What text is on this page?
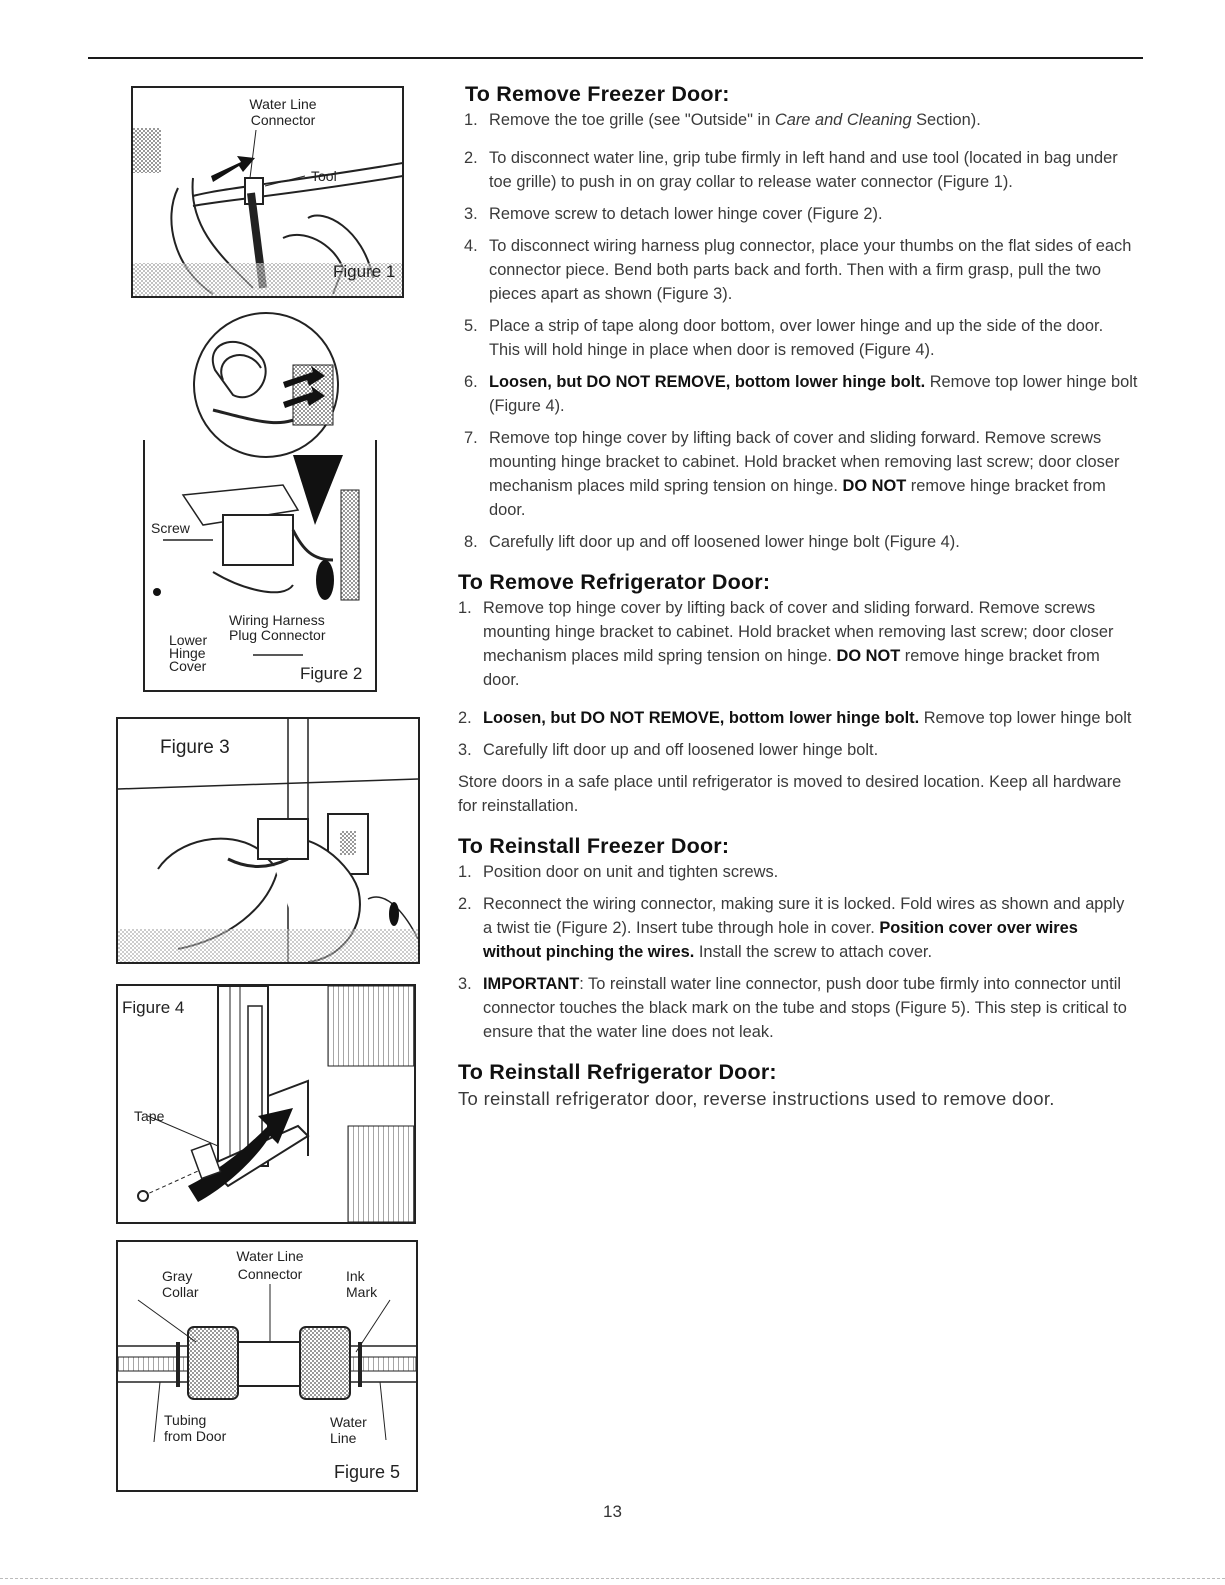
Water Line
Connector
Tool
Figure 1
Screw
Wiring Harness
Plug Connector
Lower
Hinge
Cover	Figure 2
Figure 3
Figure 4
Tape
Water Line
Connector
Gray
Collar
Ink
Mark
Tubing
from Door
Water
Line
Figure 5
To Remove Freezer Door:

1. Remove the toe grille (see "Outside" in Care and Cleaning Section).

2. To disconnect water line, grip tube firmly in left hand and use tool (located in bag under toe grille) to push in on gray collar to release water connector (Figure 1).

3. Remove screw to detach lower hinge cover (Figure 2).

4. To disconnect wiring harness plug connector, place your thumbs on the flat sides of each connector piece. Bend both parts back and forth. Then with a firm grasp, pull the two pieces apart as shown (Figure 3).

5. Place a strip of tape along door bottom, over lower hinge and up the side of the door. This will hold hinge in place when door is removed (Figure 4).

6. Loosen, but DO NOT REMOVE, bottom lower hinge bolt. Remove top lower hinge bolt (Figure 4).

7. Remove top hinge cover by lifting back of cover and sliding forward. Remove screws mounting hinge bracket to cabinet. Hold bracket when removing last screw; door closer mechanism places mild spring tension on hinge. DO NOT remove hinge bracket from door.

8. Carefully lift door up and off loosened lower hinge bolt (Figure 4).

To Remove Refrigerator Door:

1. Remove top hinge cover by lifting back of cover and sliding forward. Remove screws mounting hinge bracket to cabinet. Hold bracket when removing last screw; door closer mechanism places mild spring tension on hinge. DO NOT remove hinge bracket from door.

2. Loosen, but DO NOT REMOVE, bottom lower hinge bolt. Remove top lower hinge bolt

3. Carefully lift door up and off loosened lower hinge bolt.

Store doors in a safe place until refrigerator is moved to desired location. Keep all hardware for reinstallation.

To Reinstall Freezer Door:

1. Position door on unit and tighten screws.

2. Reconnect the wiring connector, making sure it is locked. Fold wires as shown and apply a twist tie (Figure 2). Insert tube through hole in cover. Position cover over wires without pinching the wires. Install the screw to attach cover.

3. IMPORTANT: To reinstall water line connector, push door tube firmly into connector until connector touches the black mark on the tube and stops (Figure 5). This step is critical to ensure that the water line does not leak.

To Reinstall Refrigerator Door:

To reinstall refrigerator door, reverse instructions used to remove door.

13
